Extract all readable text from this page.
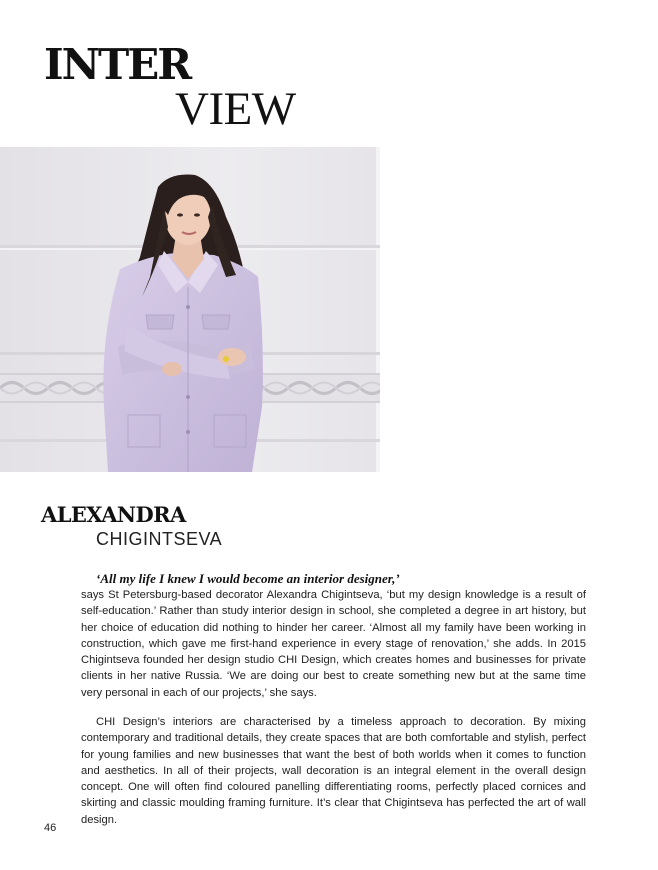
INTER
VIEW
ALEXANDRA
CHIGINTSEVA

‘All my life I knew I would become an interior designer,’

says St Petersburg-based decorator Alexandra Chigintseva, ‘but my design knowledge is a result of self-education.’ Rather than study interior design in school, she completed a degree in art history, but her choice of education did nothing to hinder her career. ‘Almost all my family have been working in construction, which gave me first-hand experience in every stage of renovation,’ she adds. In 2015 Chigintseva founded her design studio CHI Design, which creates homes and businesses for private clients in her native Russia. ‘We are doing our best to create something new but at the same time very personal in each of our projects,’ she says.

CHI Design’s interiors are characterised by a timeless approach to decoration. By mixing contemporary and traditional details, they create spaces that are both comfortable and stylish, perfect for young families and new businesses that want the best of both worlds when it comes to function and aesthetics. In all of their projects, wall decoration is an integral element in the overall design concept. One will often find coloured panelling differentiating rooms, perfectly placed cornices and skirting and classic moulding framing furniture. It’s clear that Chigintseva has perfected the art of wall design.

46
